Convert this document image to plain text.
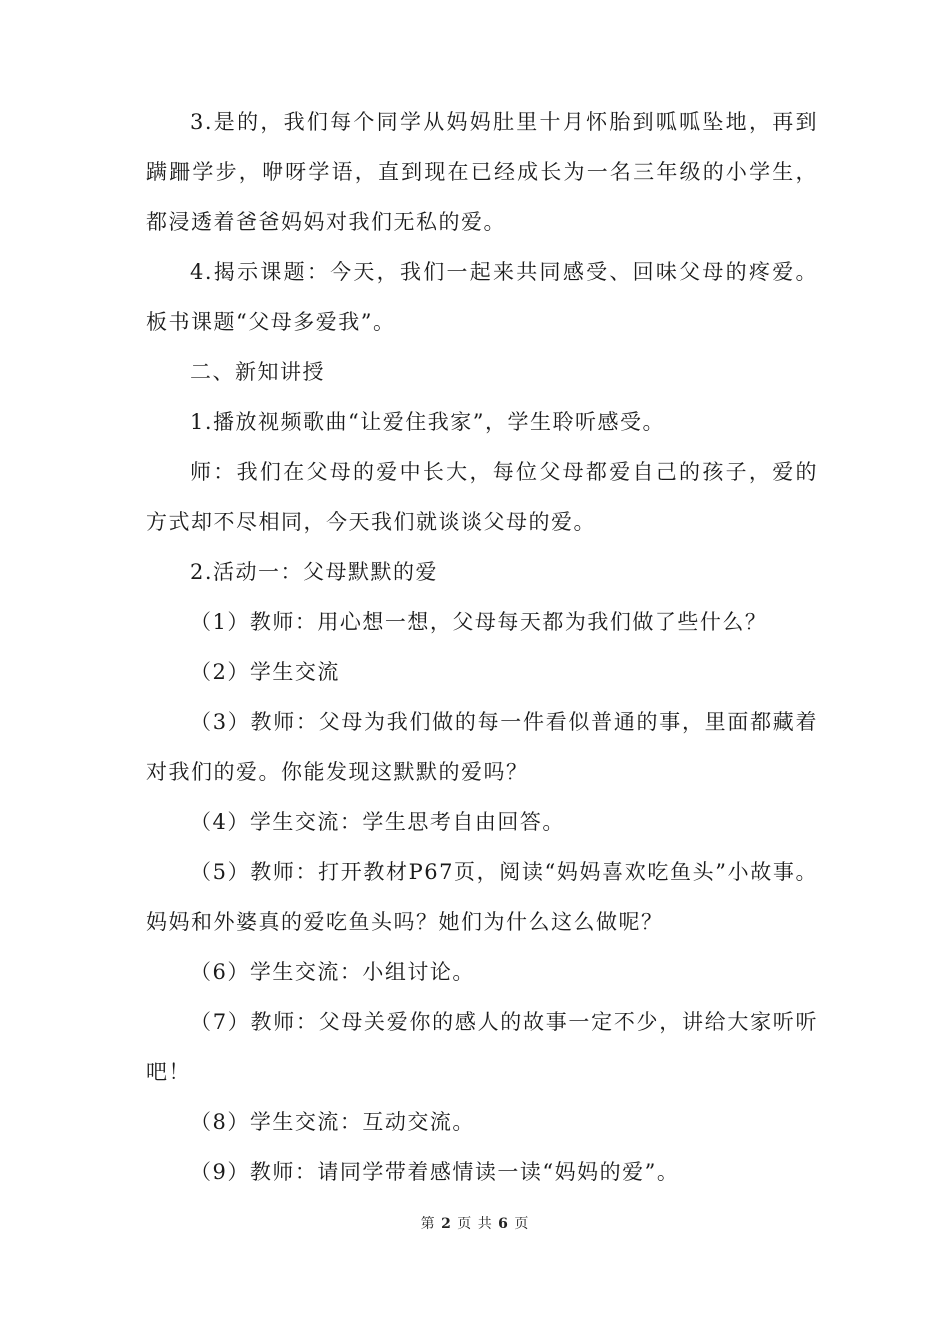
3.是的，我们每个同学从妈妈肚里十月怀胎到呱呱坠地，再到蹒跚学步，咿呀学语，直到现在已经成长为一名三年级的小学生，都浸透着爸爸妈妈对我们无私的爱。

4.揭示课题：今天，我们一起来共同感受、回味父母的疼爱。板书课题“父母多爱我”。

二、新知讲授

1.播放视频歌曲“让爱住我家”，学生聆听感受。

师：我们在父母的爱中长大，每位父母都爱自己的孩子，爱的方式却不尽相同，今天我们就谈谈父母的爱。

2.活动一：父母默默的爱

（1）教师：用心想一想，父母每天都为我们做了些什么？

（2）学生交流

（3）教师：父母为我们做的每一件看似普通的事，里面都藏着对我们的爱。你能发现这默默的爱吗？

（4）学生交流：学生思考自由回答。

（5）教师：打开教材P67页，阅读“妈妈喜欢吃鱼头”小故事。妈妈和外婆真的爱吃鱼头吗？她们为什么这么做呢？

（6）学生交流：小组讨论。

（7）教师：父母关爱你的感人的故事一定不少，讲给大家听听吧！

（8）学生交流：互动交流。

（9）教师：请同学带着感情读一读“妈妈的爱”。

第 2 页 共 6 页
